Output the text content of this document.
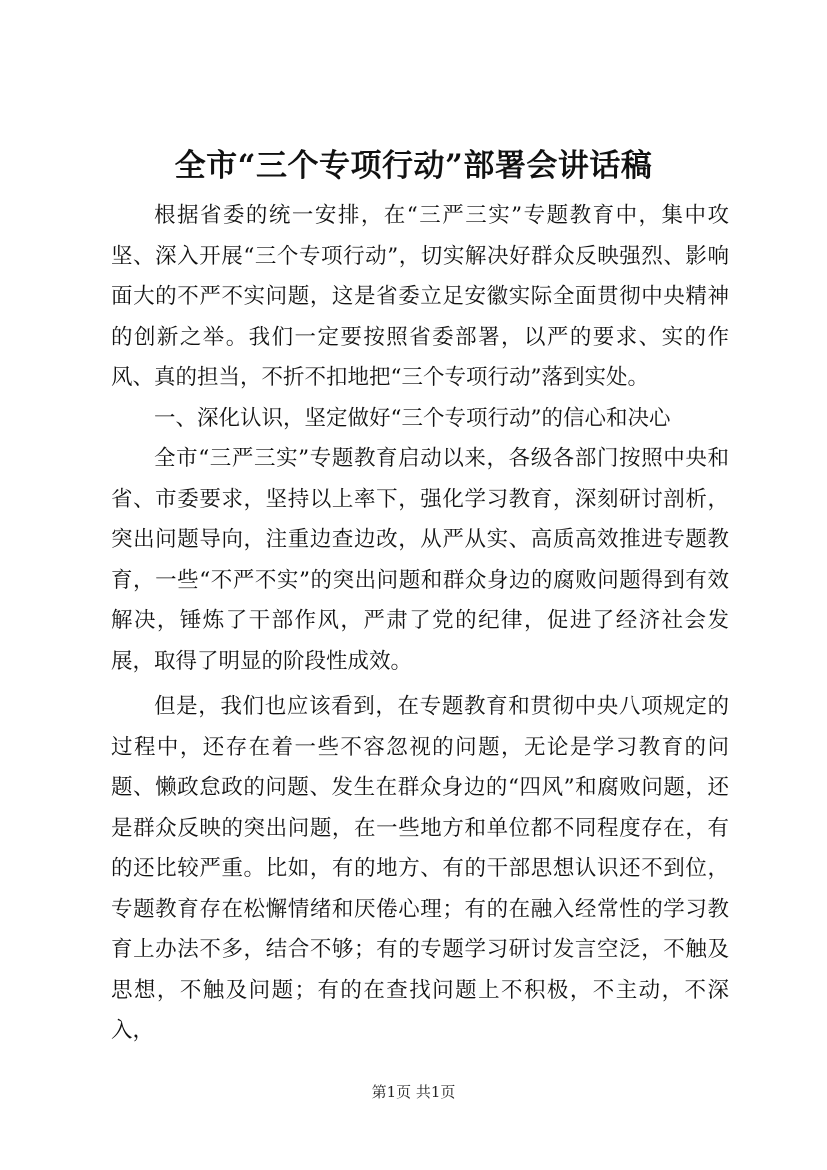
全市“三个专项行动”部署会讲话稿

根据省委的统一安排，在“三严三实”专题教育中，集中攻坚、深入开展“三个专项行动”，切实解决好群众反映强烈、影响面大的不严不实问题，这是省委立足安徽实际全面贯彻中央精神的创新之举。我们一定要按照省委部署，以严的要求、实的作风、真的担当，不折不扣地把“三个专项行动”落到实处。

一、深化认识，坚定做好“三个专项行动”的信心和决心

全市“三严三实”专题教育启动以来，各级各部门按照中央和省、市委要求，坚持以上率下，强化学习教育，深刻研讨剖析，突出问题导向，注重边查边改，从严从实、高质高效推进专题教育，一些“不严不实”的突出问题和群众身边的腐败问题得到有效解决，锤炼了干部作风，严肃了党的纪律，促进了经济社会发展，取得了明显的阶段性成效。

但是，我们也应该看到，在专题教育和贯彻中央八项规定的过程中，还存在着一些不容忽视的问题，无论是学习教育的问题、懒政怠政的问题、发生在群众身边的“四风”和腐败问题，还是群众反映的突出问题，在一些地方和单位都不同程度存在，有的还比较严重。比如，有的地方、有的干部思想认识还不到位，专题教育存在松懈情绪和厌倦心理；有的在融入经常性的学习教育上办法不多，结合不够；有的专题学习研讨发言空泛，不触及思想，不触及问题；有的在查找问题上不积极，不主动，不深入，

第1页 共1页
